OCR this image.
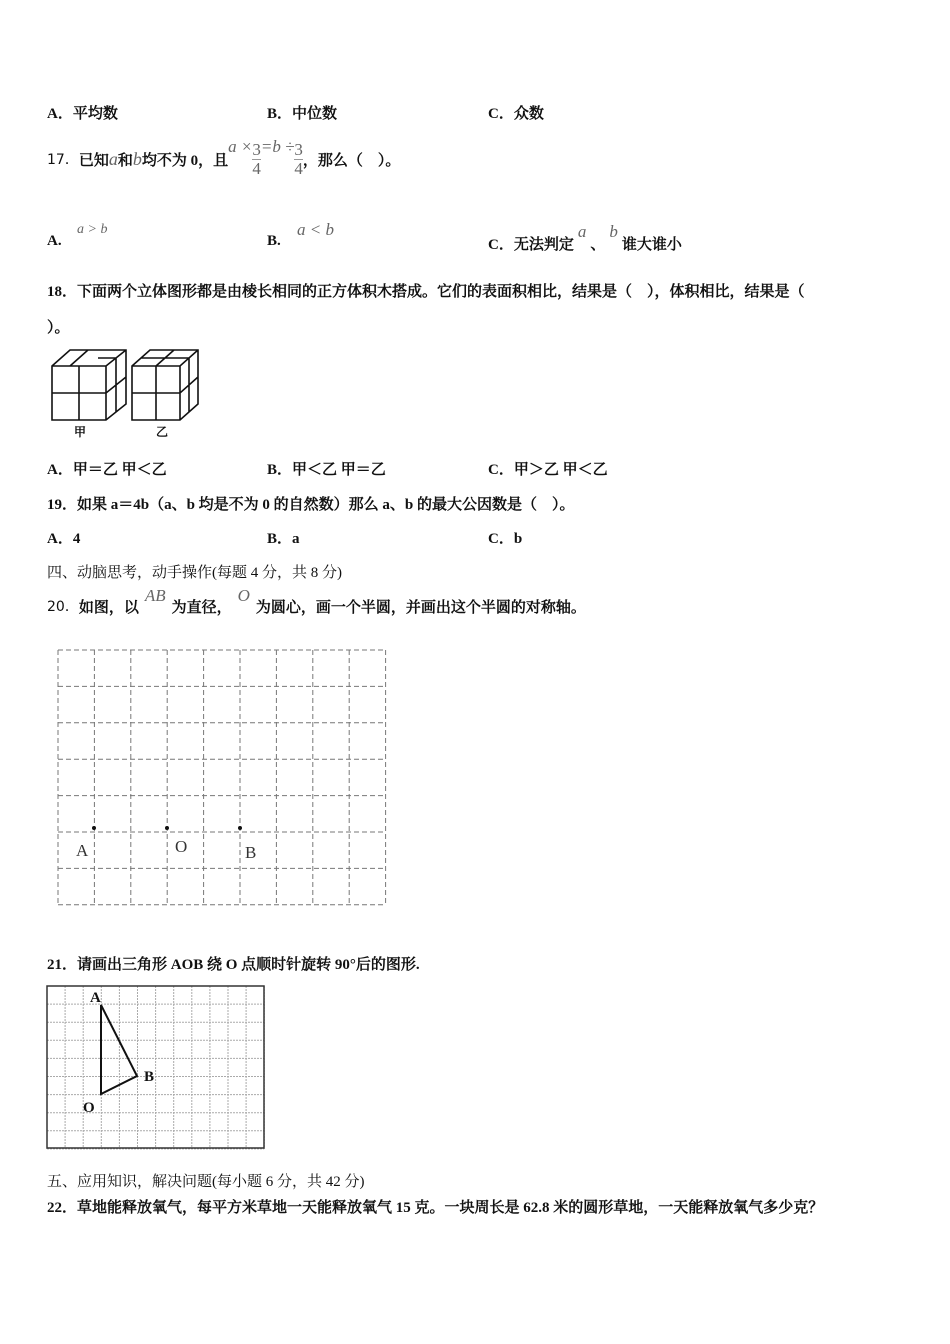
A．平均数	B．中位数	C．众数
17． 已知 a 和 b 均不为 0，且
$a \times \frac{3}{4} =b \div \frac{3}{4}$ ，那么（　）。
A.
a > b
B.
a < b
C．无法判定a、b谁大谁小
18．下面两个立体图形都是由棱长相同的正方体积木搭成。它们的表面积相比，结果是（　），体积相比，结果是（
）。
甲	乙
A．甲＝乙 甲＜乙	B．甲＜乙 甲＝乙	C．甲＞乙 甲＜乙
19．如果 a＝4b（a、b 均是不为 0 的自然数）那么 a、b 的最大公因数是（　）。
A．4	B．a	C．b
四、动脑思考，动手操作(每题 4 分，共 8 分)
20． 如图，以
AB
为直径，
O
为圆心，画一个半圆，并画出这个半圆的对称轴。
A	O	B
21．请画出三角形 AOB 绕 O 点顺时针旋转 90°后的图形.
A
B
O
五、应用知识，解决问题(每小题 6 分，共 42 分)
22．草地能释放氧气，每平方米草地一天能释放氧气 15 克。一块周长是 62.8 米的圆形草地，一天能释放氧气多少克？
